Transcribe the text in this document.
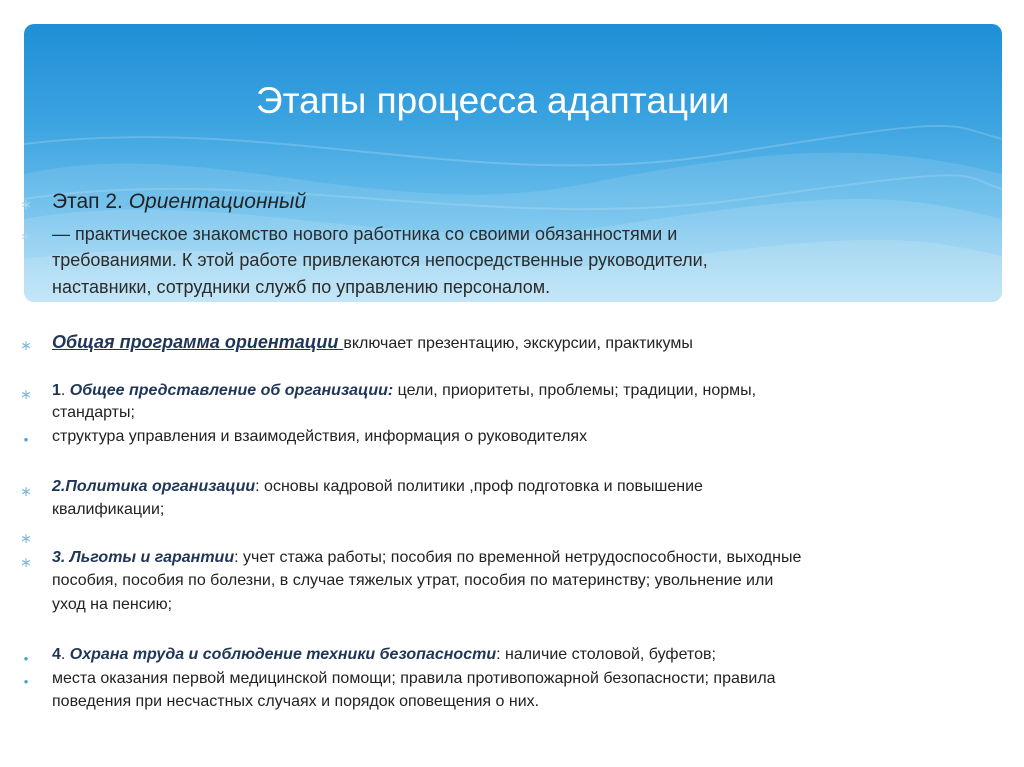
Этапы процесса адаптации
∗ Этап 2. Ориентационный
∗ — практическое знакомство нового работника со своими обязанностями и
требованиями. К этой работе привлекаются непосредственные руководители,
наставники, сотрудники служб по управлению персоналом.
∗ Общая программа ориентации включает презентацию, экскурсии, практикумы
∗ 1. Общее представление об организации: цели, приоритеты, проблемы; традиции, нормы,
стандарты;
• структура управления и взаимодействия, информация о руководителях
∗ 2.Политика организации: основы кадровой политики ,проф подготовка и повышение
квалификации;
∗
∗ 3. Льготы и гарантии: учет стажа работы; пособия по временной нетрудоспособности, выходные
пособия, пособия по болезни, в случае тяжелых утрат, пособия по материнству; увольнение или
уход на пенсию;
• 4. Охрана труда и соблюдение техники безопасности: наличие столовой, буфетов;
• места оказания первой медицинской помощи; правила противопожарной безопасности; правила
поведения при несчастных случаях и порядок оповещения о них.
